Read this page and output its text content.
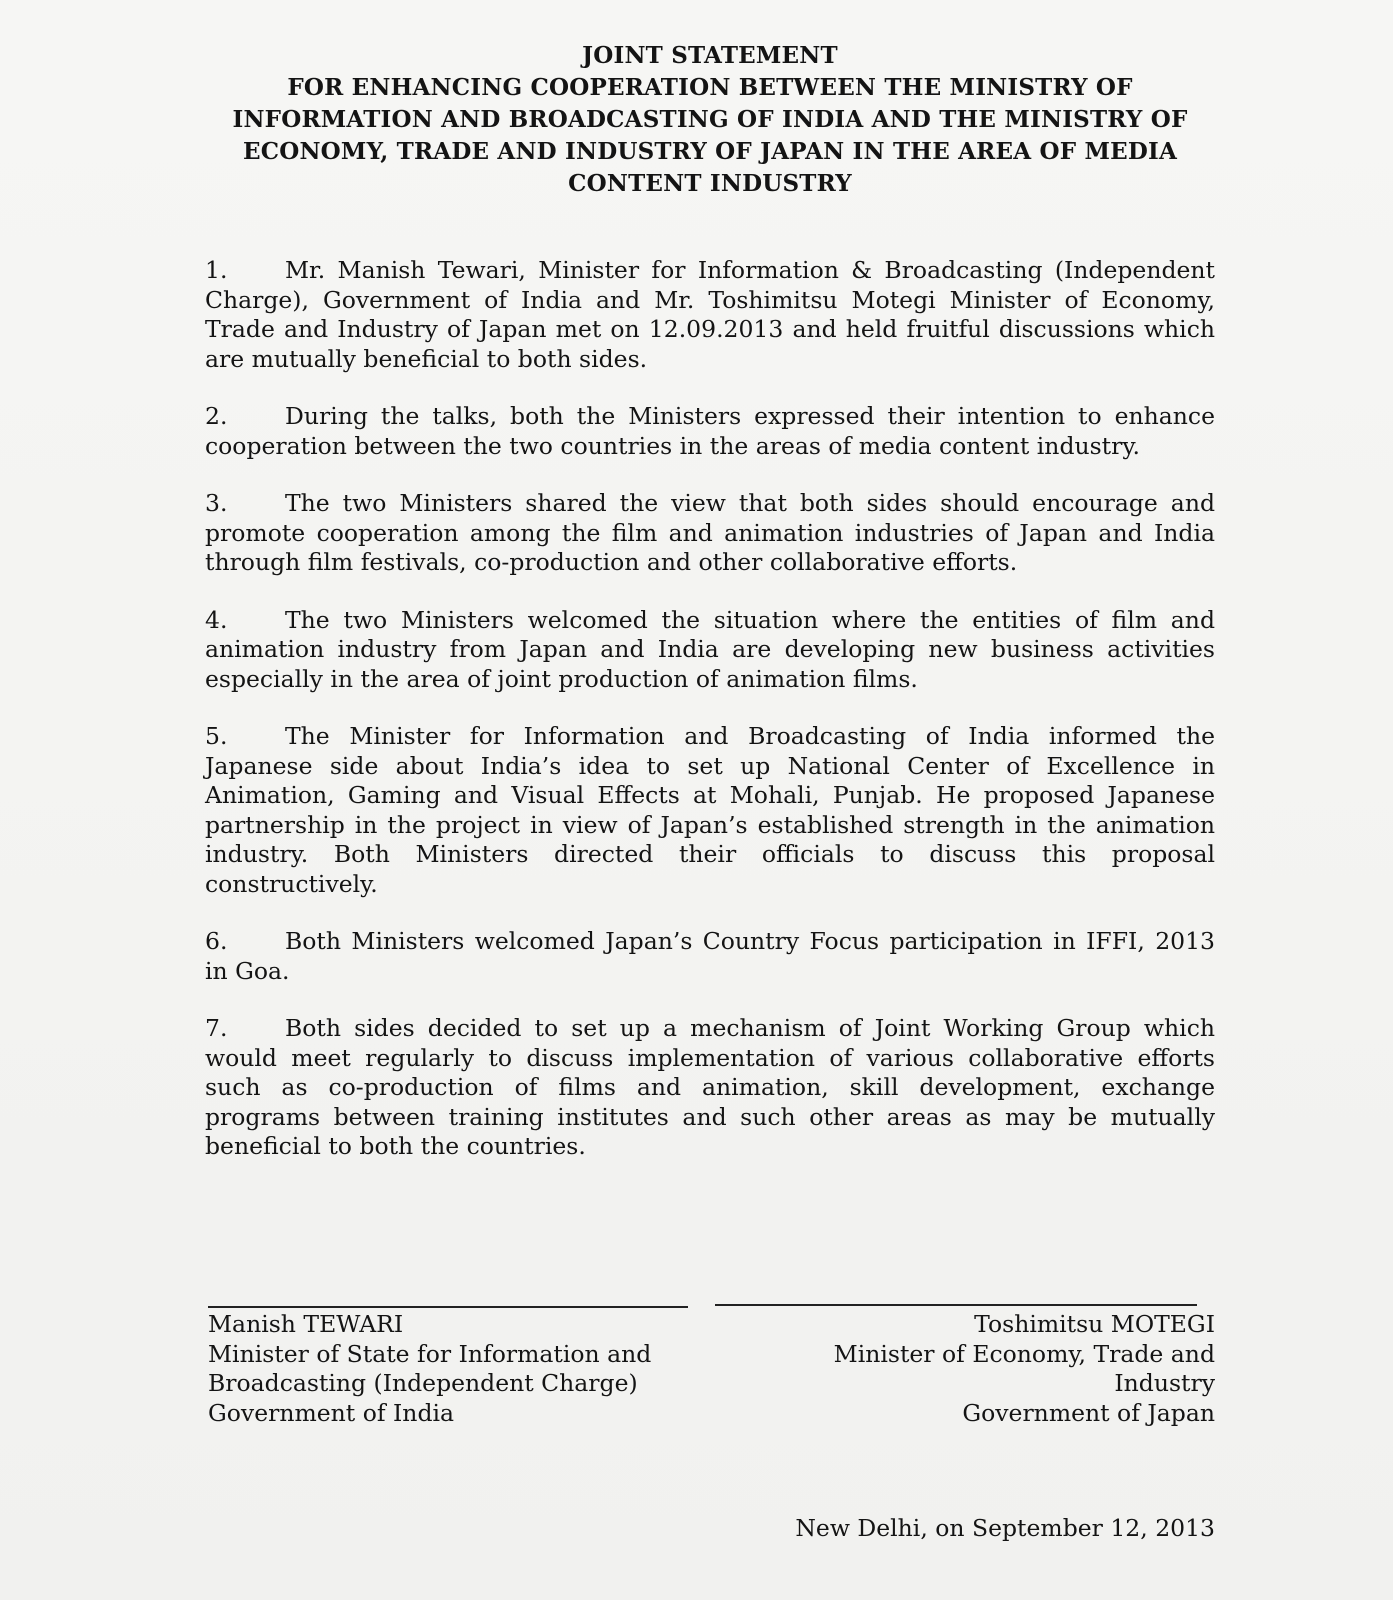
JOINT STATEMENT
FOR ENHANCING COOPERATION BETWEEN THE MINISTRY OF
INFORMATION AND BROADCASTING OF INDIA AND THE MINISTRY OF
ECONOMY, TRADE AND INDUSTRY OF JAPAN IN THE AREA OF MEDIA
CONTENT INDUSTRY

1. Mr. Manish Tewari, Minister for Information & Broadcasting (Independent Charge), Government of India and Mr. Toshimitsu Motegi Minister of Economy, Trade and Industry of Japan met on 12.09.2013 and held fruitful discussions which are mutually beneficial to both sides.

2. During the talks, both the Ministers expressed their intention to enhance cooperation between the two countries in the areas of media content industry.

3. The two Ministers shared the view that both sides should encourage and promote cooperation among the film and animation industries of Japan and India through film festivals, co-production and other collaborative efforts.

4. The two Ministers welcomed the situation where the entities of film and animation industry from Japan and India are developing new business activities especially in the area of joint production of animation films.

5. The Minister for Information and Broadcasting of India informed the Japanese side about India’s idea to set up National Center of Excellence in Animation, Gaming and Visual Effects at Mohali, Punjab. He proposed Japanese partnership in the project in view of Japan’s established strength in the animation industry. Both Ministers directed their officials to discuss this proposal constructively.

6. Both Ministers welcomed Japan’s Country Focus participation in IFFI, 2013 in Goa.

7. Both sides decided to set up a mechanism of Joint Working Group which would meet regularly to discuss implementation of various collaborative efforts such as co-production of films and animation, skill development, exchange programs between training institutes and such other areas as may be mutually beneficial to both the countries.

Manish TEWARI
Minister of State for Information and
Broadcasting (Independent Charge)
Government of India
Toshimitsu MOTEGI
Minister of Economy, Trade and
Industry
Government of Japan
New Delhi, on September 12, 2013
